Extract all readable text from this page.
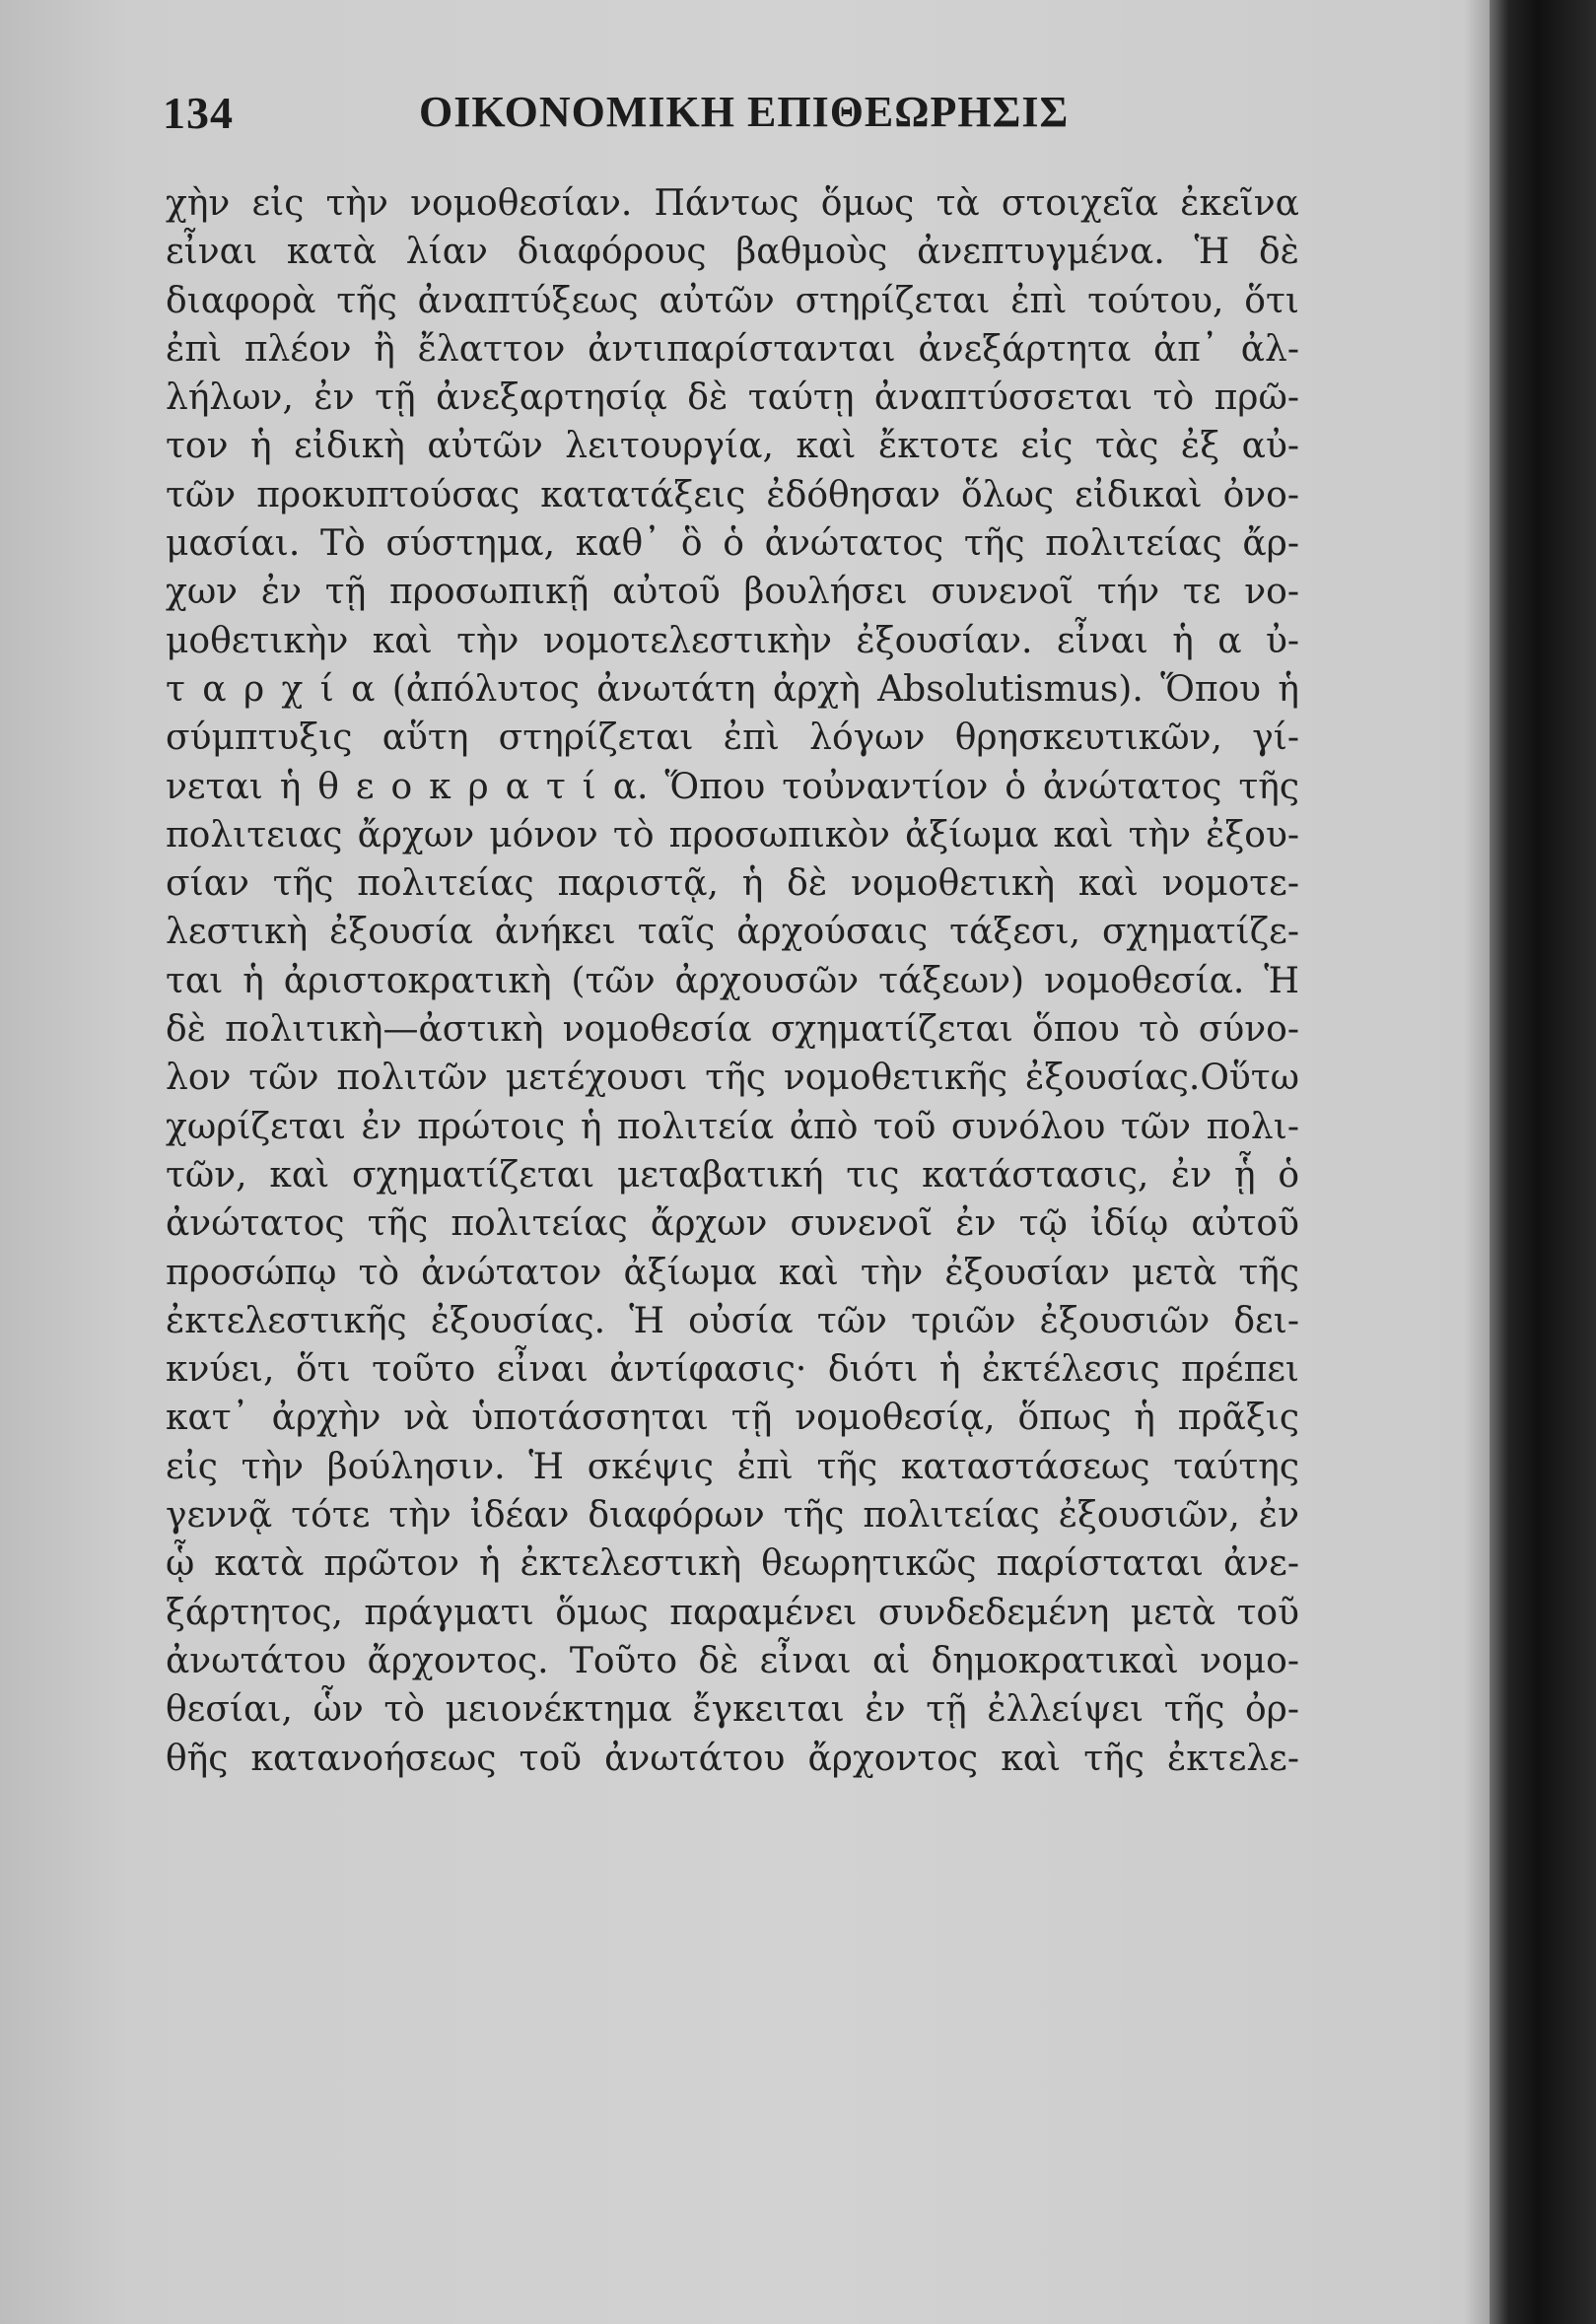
134	ΟΙΚΟΝΟΜΙΚΗ ΕΠΙΘΕΩΡΗΣΙΣ
χὴν εἰς τὴν νομοθεσίαν. Πάντως ὅμως τὰ στοιχεῖα ἐκεῖνα
εἶναι κατὰ λίαν διαφόρους βαθμοὺς ἀνεπτυγμένα. Ἡ δὲ
διαφορὰ τῆς ἀναπτύξεως αὐτῶν στηρίζεται ἐπὶ τούτου, ὅτι
ἐπὶ πλέον ἢ ἔλαττον ἀντιπαρίστανται ἀνεξάρτητα ἀπ᾽ ἀλ-
λήλων, ἐν τῇ ἀνεξαρτησίᾳ δὲ ταύτῃ ἀναπτύσσεται τὸ πρῶ-
τον ἡ εἰδικὴ αὐτῶν λειτουργία, καὶ ἔκτοτε εἰς τὰς ἐξ αὐ-
τῶν προκυπτούσας κατατάξεις ἐδόθησαν ὅλως εἰδικαὶ ὀνο-
μασίαι. Τὸ σύστημα, καθ᾽ ὃ ὁ ἀνώτατος τῆς πολιτείας ἄρ-
χων ἐν τῇ προσωπικῇ αὐτοῦ βουλήσει συνενοῖ τήν τε νο-
μοθετικὴν καὶ τὴν νομοτελεστικὴν ἐξουσίαν. εἶναι ἡ α ὐ-
τ α ρ χ ί α (ἀπόλυτος ἀνωτάτη ἀρχὴ Absolutismus). Ὅπου ἡ
σύμπτυξις αὕτη στηρίζεται ἐπὶ λόγων θρησκευτικῶν, γί-
νεται ἡ θ ε ο κ ρ α τ ί α. Ὅπου τοὐναντίον ὁ ἀνώτατος τῆς
πολιτειας ἄρχων μόνον τὸ προσωπικὸν ἀξίωμα καὶ τὴν ἐξου-
σίαν τῆς πολιτείας παριστᾷ, ἡ δὲ νομοθετικὴ καὶ νομοτε-
λεστικὴ ἐξουσία ἀνήκει ταῖς ἀρχούσαις τάξεσι, σχηματίζε-
ται ἡ ἀριστοκρατικὴ (τῶν ἀρχουσῶν τάξεων) νομοθεσία. Ἡ
δὲ πολιτικὴ—ἀστικὴ νομοθεσία σχηματίζεται ὅπου τὸ σύνο-
λον τῶν πολιτῶν μετέχουσι τῆς νομοθετικῆς ἐξουσίας.Οὕτω
χωρίζεται ἐν πρώτοις ἡ πολιτεία ἀπὸ τοῦ συνόλου τῶν πολι-
τῶν, καὶ σχηματίζεται μεταβατική τις κατάστασις, ἐν ᾗ ὁ
ἀνώτατος τῆς πολιτείας ἄρχων συνενοῖ ἐν τῷ ἰδίῳ αὐτοῦ
προσώπῳ τὸ ἀνώτατον ἀξίωμα καὶ τὴν ἐξουσίαν μετὰ τῆς
ἐκτελεστικῆς ἐξουσίας. Ἡ οὐσία τῶν τριῶν ἐξουσιῶν δει-
κνύει, ὅτι τοῦτο εἶναι ἀντίφασις· διότι ἡ ἐκτέλεσις πρέπει
κατ᾽ ἀρχὴν νὰ ὑποτάσσηται τῇ νομοθεσίᾳ, ὅπως ἡ πρᾶξις
εἰς τὴν βούλησιν. Ἡ σκέψις ἐπὶ τῆς καταστάσεως ταύτης
γεννᾷ τότε τὴν ἰδέαν διαφόρων τῆς πολιτείας ἐξουσιῶν, ἐν
ᾧ κατὰ πρῶτον ἡ ἐκτελεστικὴ θεωρητικῶς παρίσταται ἀνε-
ξάρτητος, πράγματι ὅμως παραμένει συνδεδεμένη μετὰ τοῦ
ἀνωτάτου ἄρχοντος. Τοῦτο δὲ εἶναι αἱ δημοκρατικαὶ νομο-
θεσίαι, ὧν τὸ μειονέκτημα ἔγκειται ἐν τῇ ἐλλείψει τῆς ὀρ-
θῆς κατανοήσεως τοῦ ἀνωτάτου ἄρχοντος καὶ τῆς ἐκτελε-
